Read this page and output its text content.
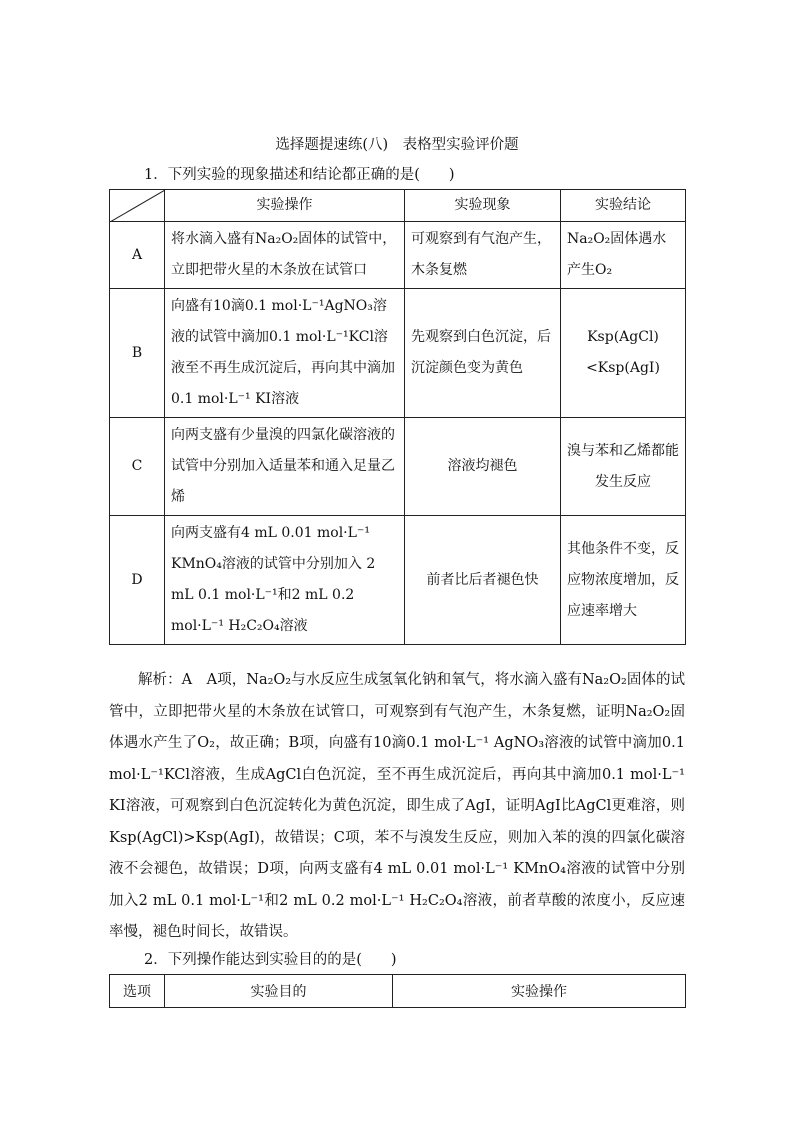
选择题提速练(八)　表格型实验评价题
1．下列实验的现象描述和结论都正确的是(　　)
	实验操作	实验现象	实验结论
A	将水滴入盛有Na₂O₂固体的试管中，立即把带火星的木条放在试管口	可观察到有气泡产生，木条复燃	Na₂O₂固体遇水产生O₂
B	向盛有10滴0.1 mol·L⁻¹AgNO₃溶液的试管中滴加0.1 mol·L⁻¹KCl溶液至不再生成沉淀后，再向其中滴加0.1 mol·L⁻¹ KI溶液	先观察到白色沉淀，后沉淀颜色变为黄色	Ksp(AgCl)<Ksp(AgI)
C	向两支盛有少量溴的四氯化碳溶液的试管中分别加入适量苯和通入足量乙烯	溶液均褪色	溴与苯和乙烯都能发生反应
D	向两支盛有4 mL 0.01 mol·L⁻¹ KMnO₄溶液的试管中分别加入 2 mL 0.1 mol·L⁻¹和2 mL 0.2 mol·L⁻¹ H₂C₂O₄溶液	前者比后者褪色快	其他条件不变，反应物浓度增加，反应速率增大

解析：A　A项，Na₂O₂与水反应生成氢氧化钠和氧气，将水滴入盛有Na₂O₂固体的试管中，立即把带火星的木条放在试管口，可观察到有气泡产生，木条复燃，证明Na₂O₂固体遇水产生了O₂，故正确；B项，向盛有10滴0.1 mol·L⁻¹ AgNO₃溶液的试管中滴加0.1 mol·L⁻¹KCl溶液，生成AgCl白色沉淀，至不再生成沉淀后，再向其中滴加0.1 mol·L⁻¹ KI溶液，可观察到白色沉淀转化为黄色沉淀，即生成了AgI，证明AgI比AgCl更难溶，则Ksp(AgCl)>Ksp(AgI)，故错误；C项，苯不与溴发生反应，则加入苯的溴的四氯化碳溶液不会褪色，故错误；D项，向两支盛有4 mL 0.01 mol·L⁻¹ KMnO₄溶液的试管中分别加入2 mL 0.1 mol·L⁻¹和2 mL 0.2 mol·L⁻¹ H₂C₂O₄溶液，前者草酸的浓度小，反应速率慢，褪色时间长，故错误。

2．下列操作能达到实验目的的是(　　)
选项	实验目的	实验操作
